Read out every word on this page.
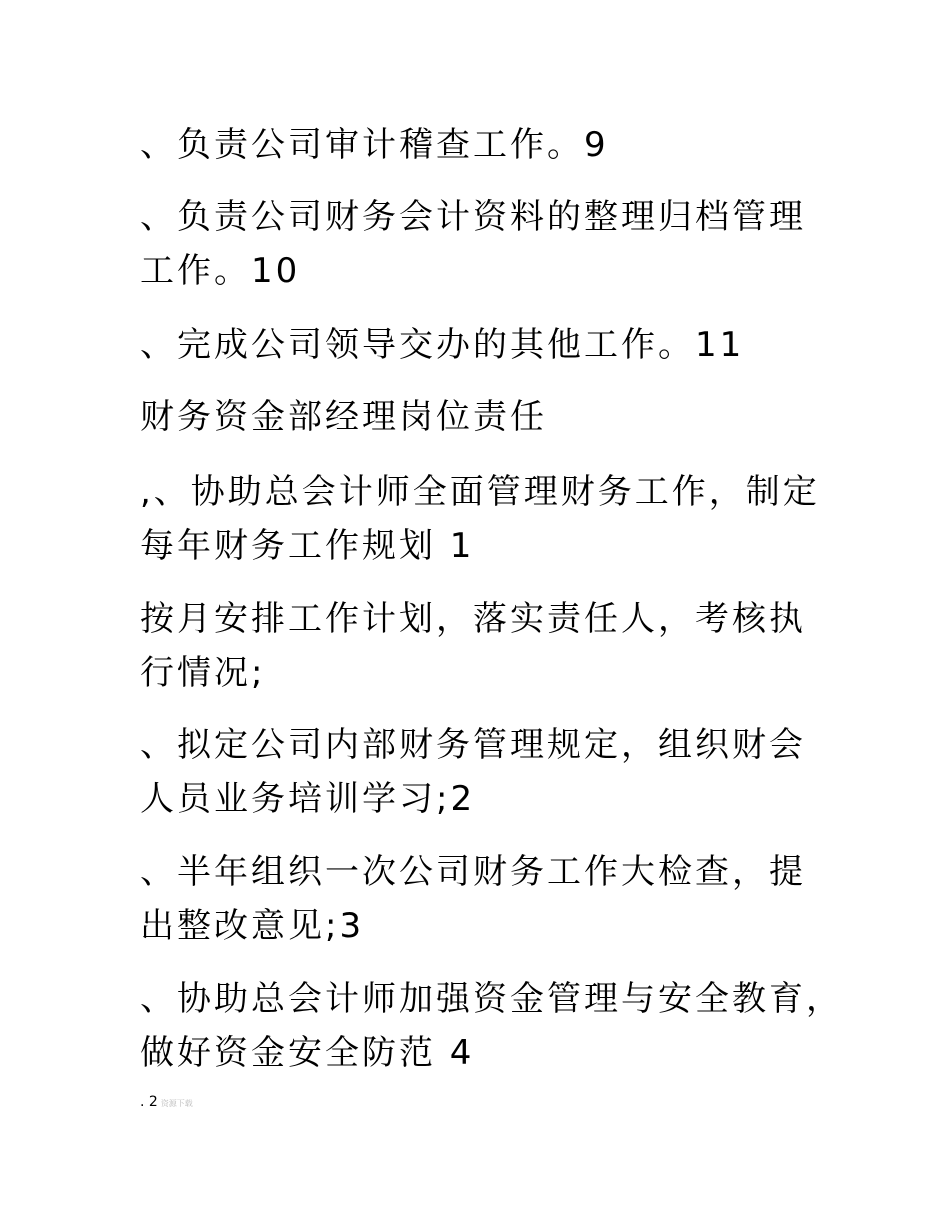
、负责公司审计稽查工作。9
、负责公司财务会计资料的整理归档管理
工作。10
、完成公司领导交办的其他工作。11
财务资金部经理岗位责任
,、协助总会计师全面管理财务工作，制定
每年财务工作规划 1
按月安排工作计划，落实责任人，考核执
行情况;
、拟定公司内部财务管理规定，组织财会
人员业务培训学习;2
、半年组织一次公司财务工作大检查，提
出整改意见;3
、协助总会计师加强资金管理与安全教育，
做好资金安全防范 4
. 2 资源下载
